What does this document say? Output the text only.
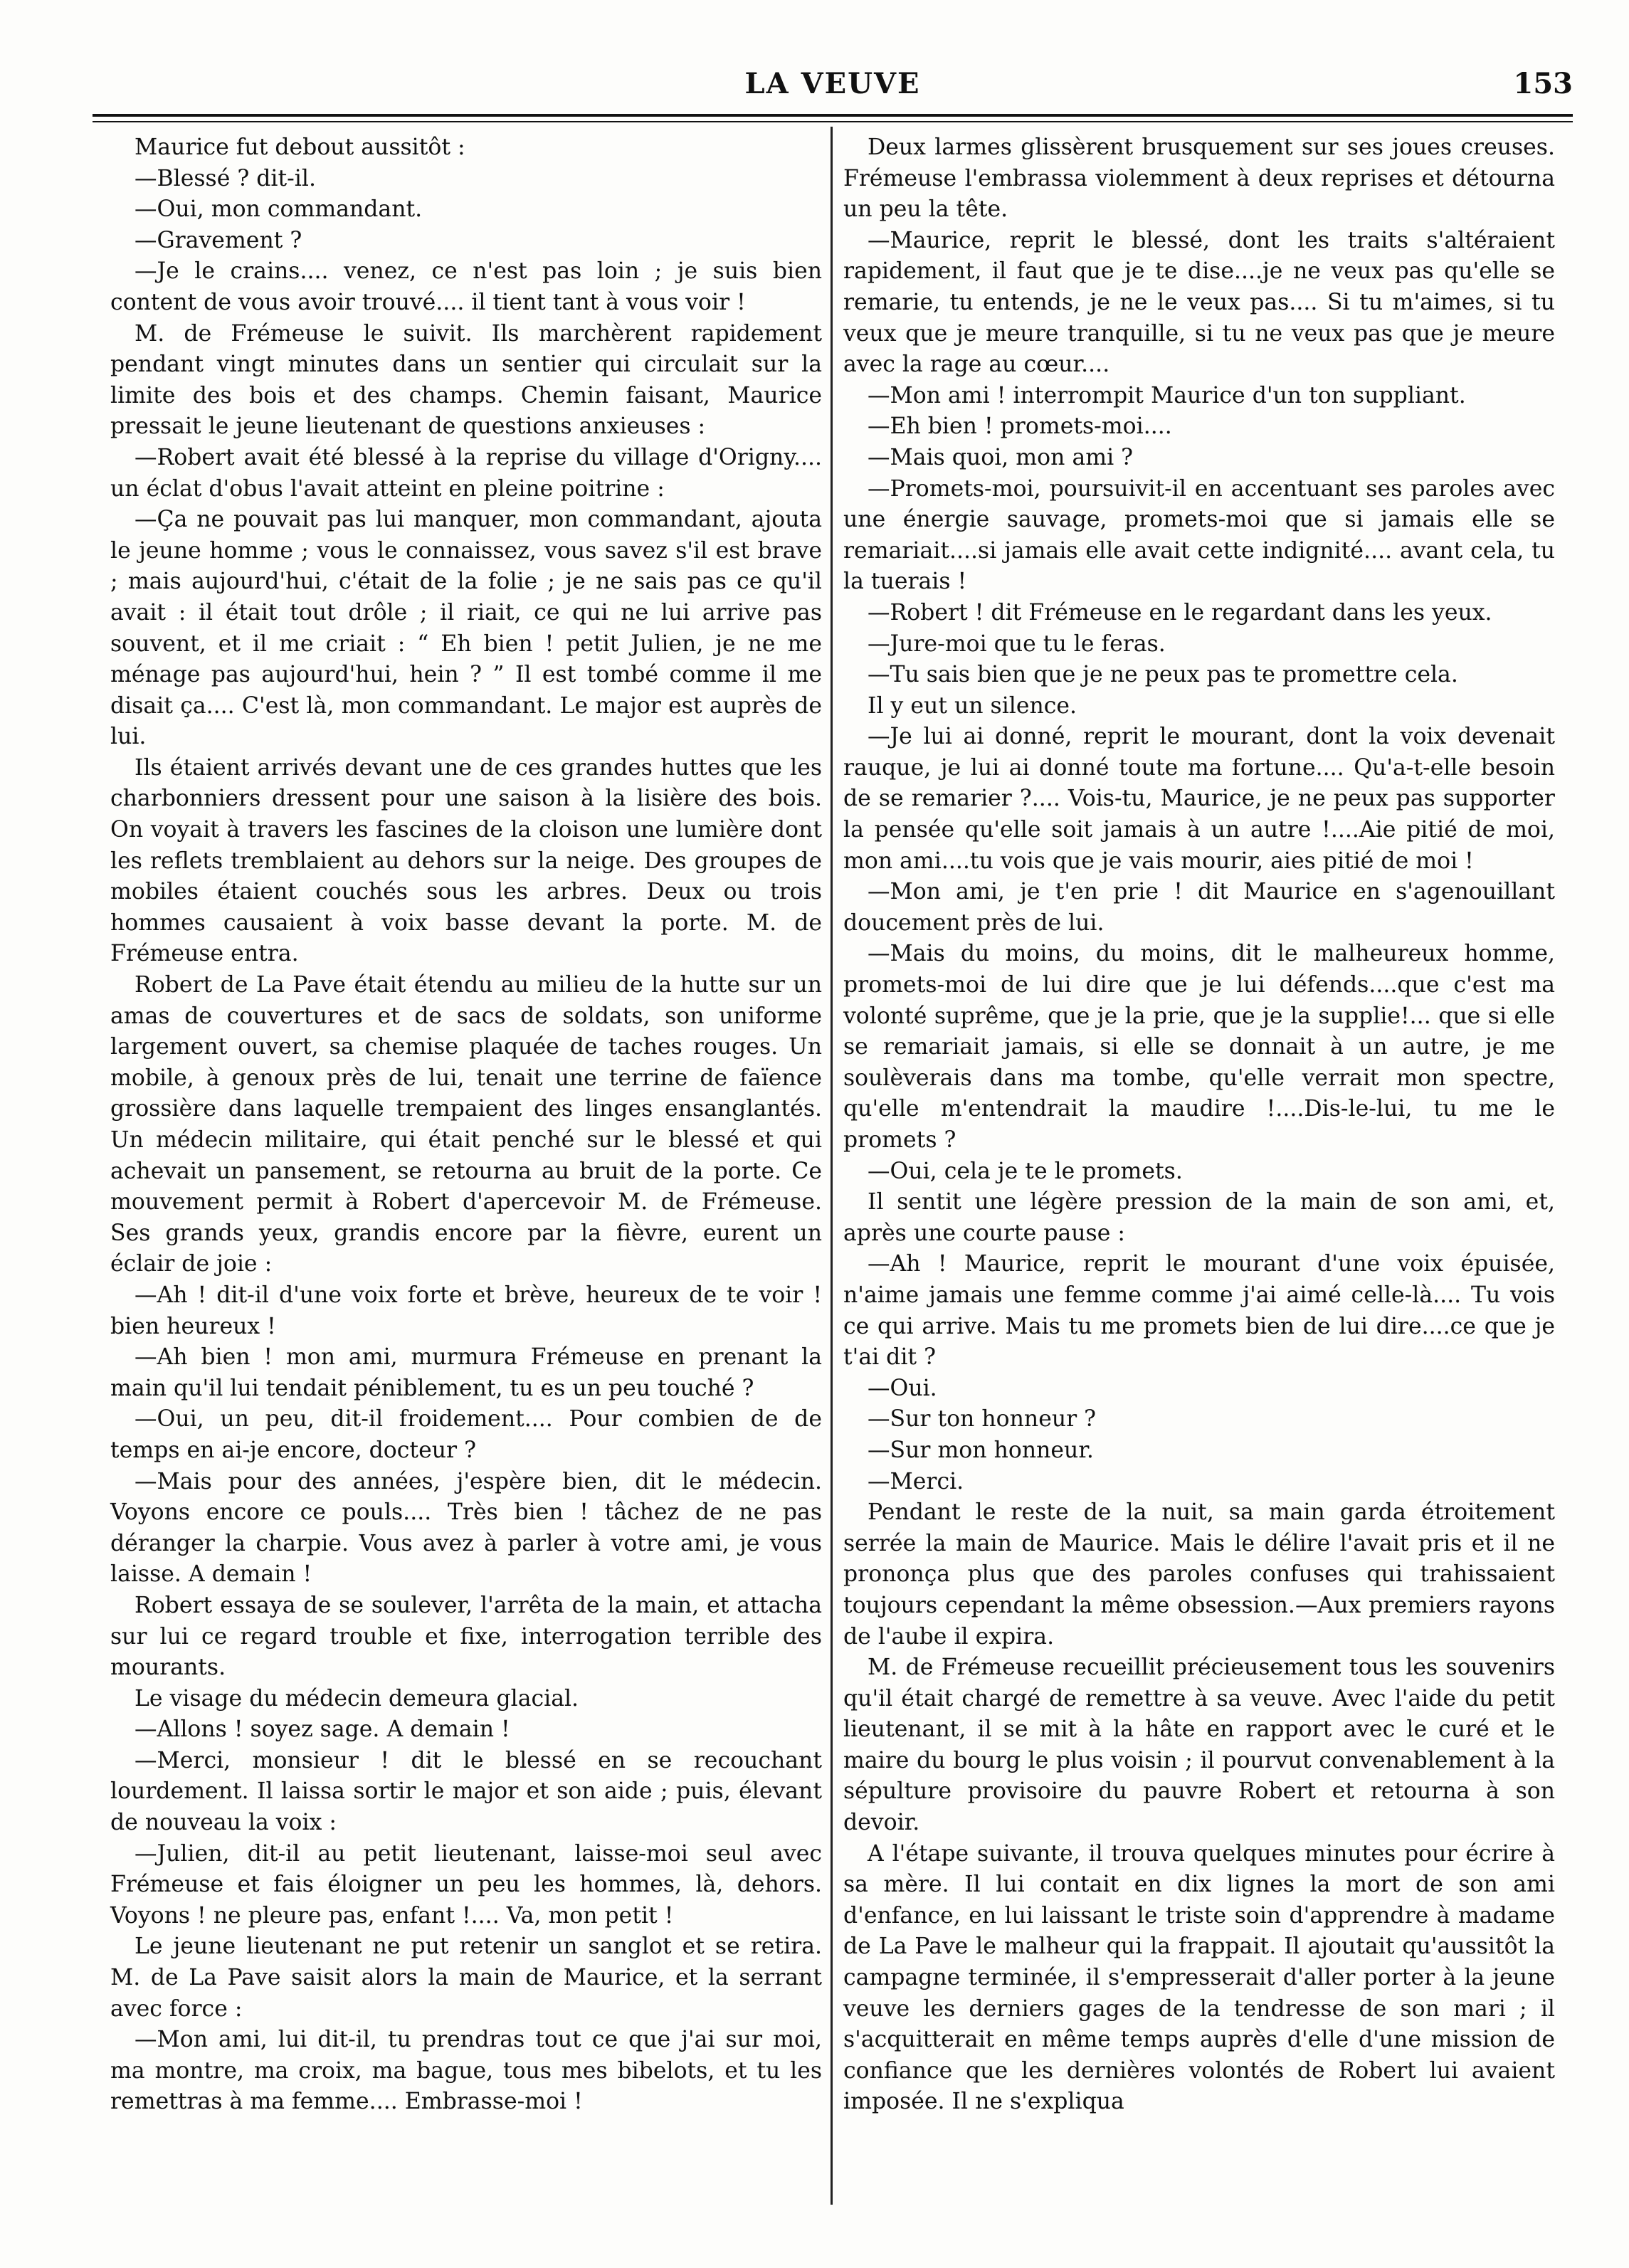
LA VEUVE	153

Maurice fut debout aussitôt :

—Blessé ? dit-il.

—Oui, mon commandant.

—Gravement ?

—Je le crains.... venez, ce n'est pas loin ; je suis bien content de vous avoir trouvé.... il tient tant à vous voir !

M. de Frémeuse le suivit. Ils marchèrent rapidement pendant vingt minutes dans un sentier qui circulait sur la limite des bois et des champs. Chemin faisant, Maurice pressait le jeune lieutenant de questions anxieuses :

—Robert avait été blessé à la reprise du village d'Origny.... un éclat d'obus l'avait atteint en pleine poitrine :

—Ça ne pouvait pas lui manquer, mon commandant, ajouta le jeune homme ; vous le connaissez, vous savez s'il est brave ; mais aujourd'hui, c'était de la folie ; je ne sais pas ce qu'il avait : il était tout drôle ; il riait, ce qui ne lui arrive pas souvent, et il me criait : “ Eh bien ! petit Julien, je ne me ménage pas aujourd'hui, hein ? ” Il est tombé comme il me disait ça.... C'est là, mon commandant. Le major est auprès de lui.

Ils étaient arrivés devant une de ces grandes huttes que les charbonniers dressent pour une saison à la lisière des bois. On voyait à travers les fascines de la cloison une lumière dont les reflets tremblaient au dehors sur la neige. Des groupes de mobiles étaient couchés sous les arbres. Deux ou trois hommes causaient à voix basse devant la porte. M. de Frémeuse entra.

Robert de La Pave était étendu au milieu de la hutte sur un amas de couvertures et de sacs de soldats, son uniforme largement ouvert, sa chemise plaquée de taches rouges. Un mobile, à genoux près de lui, tenait une terrine de faïence grossière dans laquelle trempaient des linges ensanglantés. Un médecin militaire, qui était penché sur le blessé et qui achevait un pansement, se retourna au bruit de la porte. Ce mouvement permit à Robert d'apercevoir M. de Frémeuse. Ses grands yeux, grandis encore par la fièvre, eurent un éclair de joie :

—Ah ! dit-il d'une voix forte et brève, heureux de te voir ! bien heureux !

—Ah bien ! mon ami, murmura Frémeuse en prenant la main qu'il lui tendait péniblement, tu es un peu touché ?

—Oui, un peu, dit-il froidement.... Pour combien de de temps en ai-je encore, docteur ?

—Mais pour des années, j'espère bien, dit le médecin. Voyons encore ce pouls.... Très bien ! tâchez de ne pas déranger la charpie. Vous avez à parler à votre ami, je vous laisse. A demain !

Robert essaya de se soulever, l'arrêta de la main, et attacha sur lui ce regard trouble et fixe, interrogation terrible des mourants.

Le visage du médecin demeura glacial.

—Allons ! soyez sage. A demain !

—Merci, monsieur ! dit le blessé en se recouchant lourdement. Il laissa sortir le major et son aide ; puis, élevant de nouveau la voix :

—Julien, dit-il au petit lieutenant, laisse-moi seul avec Frémeuse et fais éloigner un peu les hommes, là, dehors. Voyons ! ne pleure pas, enfant !.... Va, mon petit !

Le jeune lieutenant ne put retenir un sanglot et se retira. M. de La Pave saisit alors la main de Maurice, et la serrant avec force :

—Mon ami, lui dit-il, tu prendras tout ce que j'ai sur moi, ma montre, ma croix, ma bague, tous mes bibelots, et tu les remettras à ma femme.... Embrasse-moi !

Deux larmes glissèrent brusquement sur ses joues creuses. Frémeuse l'embrassa violemment à deux reprises et détourna un peu la tête.

—Maurice, reprit le blessé, dont les traits s'altéraient rapidement, il faut que je te dise....je ne veux pas qu'elle se remarie, tu entends, je ne le veux pas.... Si tu m'aimes, si tu veux que je meure tranquille, si tu ne veux pas que je meure avec la rage au cœur....

—Mon ami ! interrompit Maurice d'un ton suppliant.

—Eh bien ! promets-moi....

—Mais quoi, mon ami ?

—Promets-moi, poursuivit-il en accentuant ses paroles avec une énergie sauvage, promets-moi que si jamais elle se remariait....si jamais elle avait cette indignité.... avant cela, tu la tuerais !

—Robert ! dit Frémeuse en le regardant dans les yeux.

—Jure-moi que tu le feras.

—Tu sais bien que je ne peux pas te promettre cela.

Il y eut un silence.

—Je lui ai donné, reprit le mourant, dont la voix devenait rauque, je lui ai donné toute ma fortune.... Qu'a-t-elle besoin de se remarier ?.... Vois-tu, Maurice, je ne peux pas supporter la pensée qu'elle soit jamais à un autre !....Aie pitié de moi, mon ami....tu vois que je vais mourir, aies pitié de moi !

—Mon ami, je t'en prie ! dit Maurice en s'agenouillant doucement près de lui.

—Mais du moins, du moins, dit le malheureux homme, promets-moi de lui dire que je lui défends....que c'est ma volonté suprême, que je la prie, que je la supplie!... que si elle se remariait jamais, si elle se donnait à un autre, je me soulèverais dans ma tombe, qu'elle verrait mon spectre, qu'elle m'entendrait la maudire !....Dis-le-lui, tu me le promets ?

—Oui, cela je te le promets.

Il sentit une légère pression de la main de son ami, et, après une courte pause :

—Ah ! Maurice, reprit le mourant d'une voix épuisée, n'aime jamais une femme comme j'ai aimé celle-là.... Tu vois ce qui arrive. Mais tu me promets bien de lui dire....ce que je t'ai dit ?

—Oui.

—Sur ton honneur ?

—Sur mon honneur.

—Merci.

Pendant le reste de la nuit, sa main garda étroitement serrée la main de Maurice. Mais le délire l'avait pris et il ne prononça plus que des paroles confuses qui trahissaient toujours cependant la même obsession.—Aux premiers rayons de l'aube il expira.

M. de Frémeuse recueillit précieusement tous les souvenirs qu'il était chargé de remettre à sa veuve. Avec l'aide du petit lieutenant, il se mit à la hâte en rapport avec le curé et le maire du bourg le plus voisin ; il pourvut convenablement à la sépulture provisoire du pauvre Robert et retourna à son devoir.

A l'étape suivante, il trouva quelques minutes pour écrire à sa mère. Il lui contait en dix lignes la mort de son ami d'enfance, en lui laissant le triste soin d'apprendre à madame de La Pave le malheur qui la frappait. Il ajoutait qu'aussitôt la campagne terminée, il s'empresserait d'aller porter à la jeune veuve les derniers gages de la tendresse de son mari ; il s'acquitterait en même temps auprès d'elle d'une mission de confiance que les dernières volontés de Robert lui avaient imposée. Il ne s'expliqua
